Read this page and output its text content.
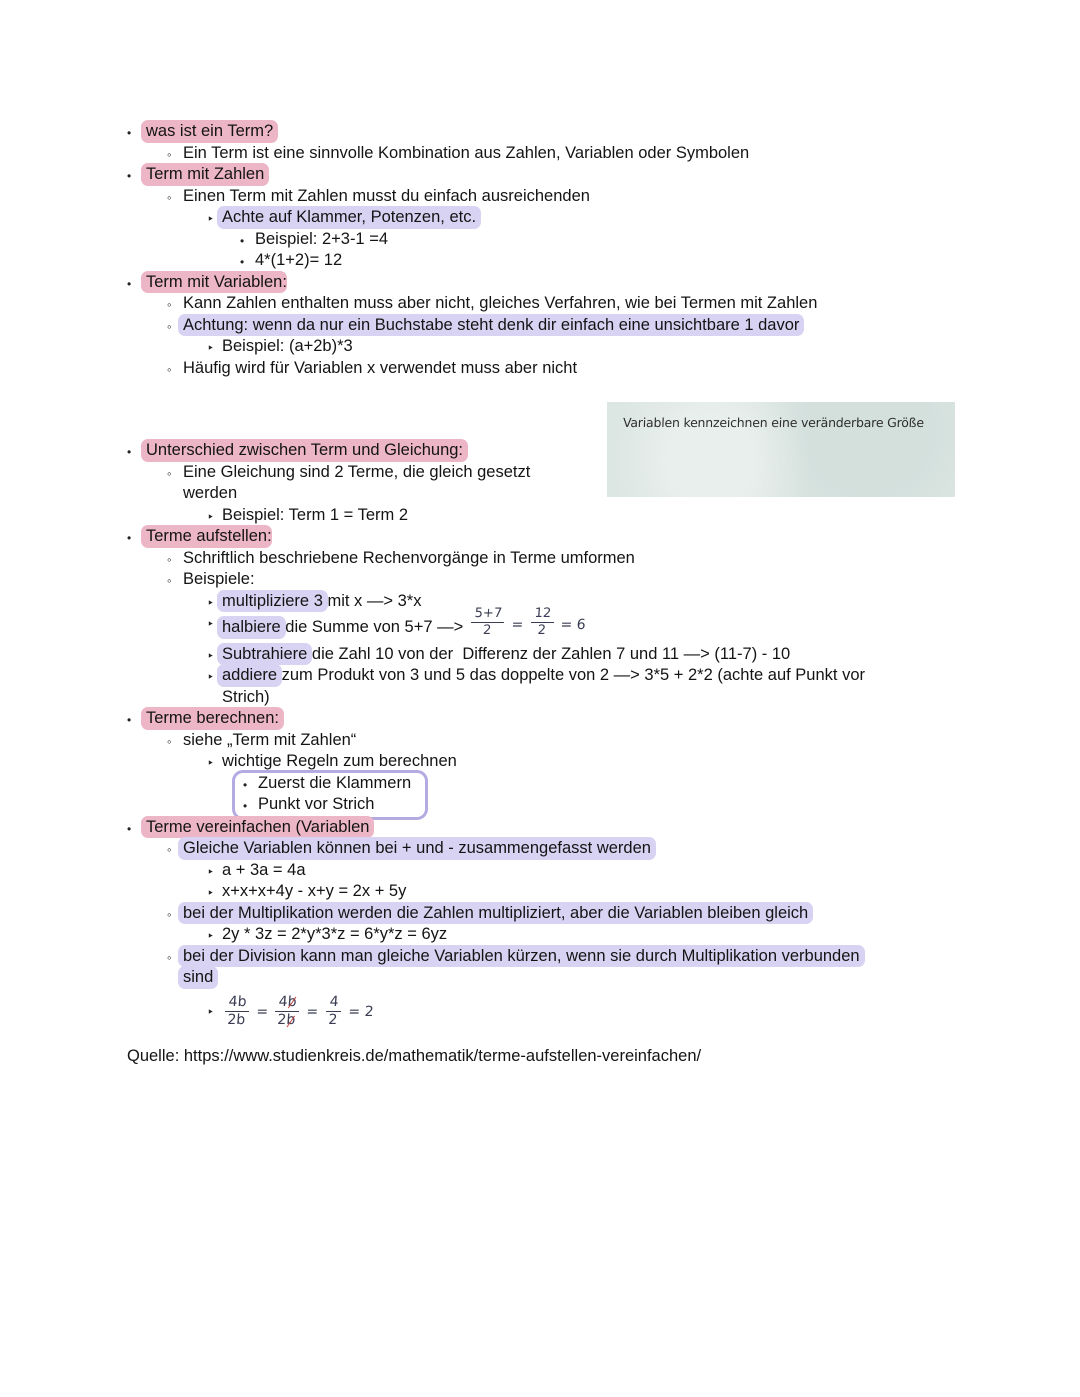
• was ist ein Term?
◦ Ein Term ist eine sinnvolle Kombination aus Zahlen, Variablen oder Symbolen
• Term mit Zahlen
◦ Einen Term mit Zahlen musst du einfach ausreichenden
‣ Achte auf Klammer, Potenzen, etc.
• Beispiel: 2+3-1 =4
• 4*(1+2)= 12
• Term mit Variablen:
◦ Kann Zahlen enthalten muss aber nicht, gleiches Verfahren, wie bei Termen mit Zahlen
◦ Achtung: wenn da nur ein Buchstabe steht denk dir einfach eine unsichtbare 1 davor
‣ Beispiel: (a+2b)*3
◦ Häufig wird für Variablen x verwendet muss aber nicht
• Unterschied zwischen Term und Gleichung:
◦ Eine Gleichung sind 2 Terme, die gleich gesetzt
werden
‣ Beispiel: Term 1 = Term 2
• Terme aufstellen:
◦ Schriftlich beschriebene Rechenvorgänge in Terme umformen
◦ Beispiele:
‣ multipliziere 3 mit x —> 3*x
‣ halbiere die Summe von 5+7 —> $\frac{5+7}{2} = \frac{12}{2} = 6$
‣ Subtrahiere die Zahl 10 von der  Differenz der Zahlen 7 und 11 —> (11-7) - 10
‣ addiere zum Produkt von 3 und 5 das doppelte von 2 —> 3*5 + 2*2 (achte auf Punkt vor
Strich)
• Terme berechnen:
◦ siehe „Term mit Zahlen“
‣ wichtige Regeln zum berechnen
• Zuerst die Klammern
• Punkt vor Strich
• Terme vereinfachen (Variablen
◦ Gleiche Variablen können bei + und - zusammengefasst werden
‣ a + 3a = 4a
‣ x+x+x+4y - x+y = 2x + 5y
◦ bei der Multiplikation werden die Zahlen multipliziert, aber die Variablen bleiben gleich
‣ 2y * 3z = 2*y*3*z = 6*y*z = 6yz
◦ bei der Division kann man gleiche Variablen kürzen, wenn sie durch Multiplikation verbunden
sind
‣ $\frac{4b}{2b} = \frac{4b}{2b} = \frac{4}{2} = 2$
Variablen kennzeichnen eine veränderbare Größe
Quelle: https://www.studienkreis.de/mathematik/terme-aufstellen-vereinfachen/
